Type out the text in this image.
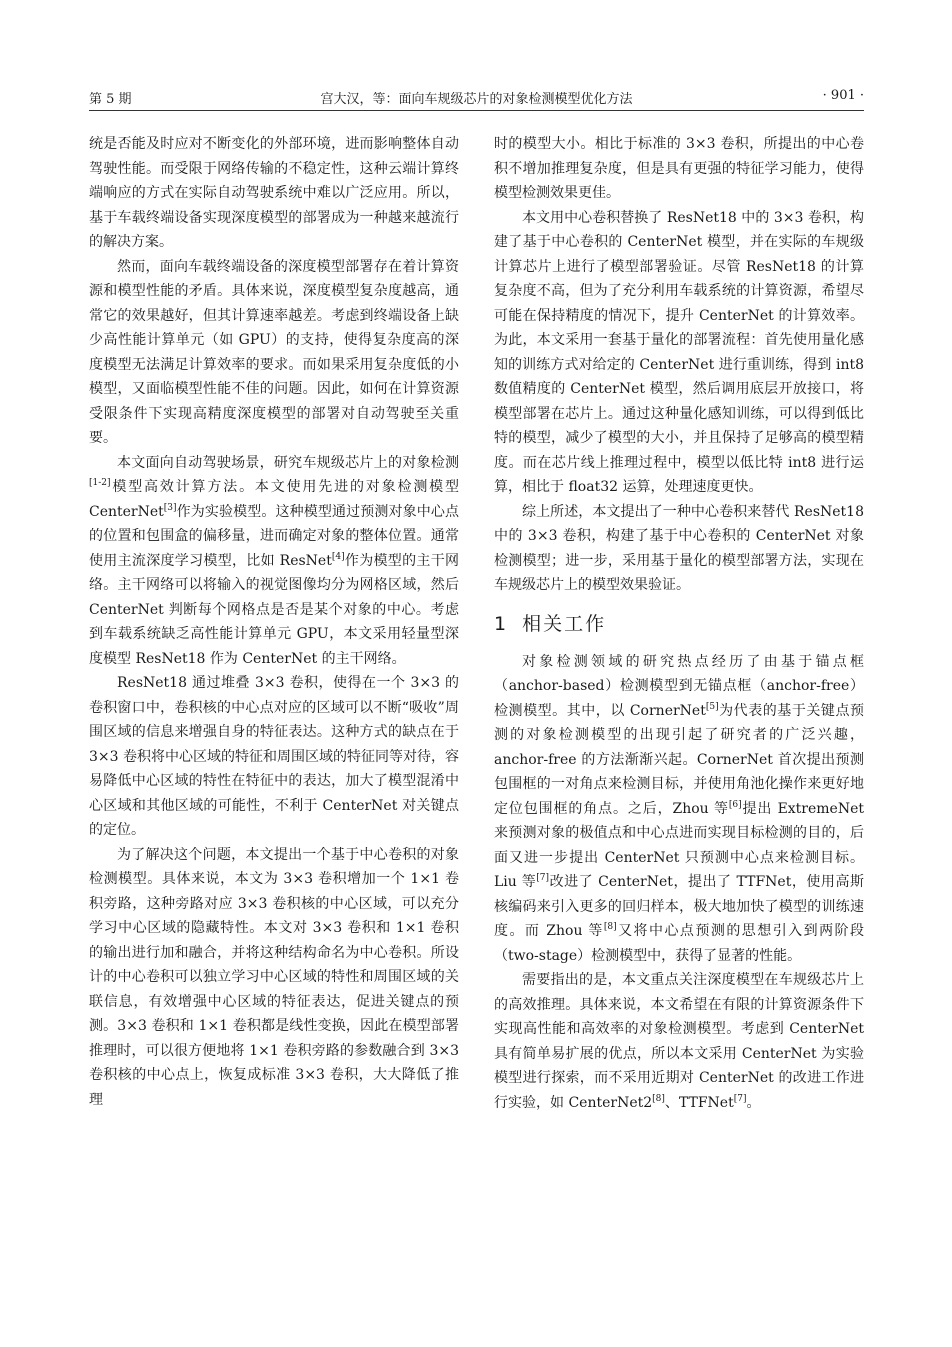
第 5 期	宫大汉，等：面向车规级芯片的对象检测模型优化方法	· 901 ·

统是否能及时应对不断变化的外部环境，进而影响整体自动驾驶性能。而受限于网络传输的不稳定性，这种云端计算终端响应的方式在实际自动驾驶系统中难以广泛应用。所以，基于车载终端设备实现深度模型的部署成为一种越来越流行的解决方案。

然而，面向车载终端设备的深度模型部署存在着计算资源和模型性能的矛盾。具体来说，深度模型复杂度越高，通常它的效果越好，但其计算速率越差。考虑到终端设备上缺少高性能计算单元（如 GPU）的支持，使得复杂度高的深度模型无法满足计算效率的要求。而如果采用复杂度低的小模型，又面临模型性能不佳的问题。因此，如何在计算资源受限条件下实现高精度深度模型的部署对自动驾驶至关重要。

本文面向自动驾驶场景，研究车规级芯片上的对象检测[1-2]模型高效计算方法。本文使用先进的对象检测模型 CenterNet[3]作为实验模型。这种模型通过预测对象中心点的位置和包围盒的偏移量，进而确定对象的整体位置。通常使用主流深度学习模型，比如 ResNet[4]作为模型的主干网络。主干网络可以将输入的视觉图像均分为网格区域，然后 CenterNet 判断每个网格点是否是某个对象的中心。考虑到车载系统缺乏高性能计算单元 GPU，本文采用轻量型深度模型 ResNet18 作为 CenterNet 的主干网络。

ResNet18 通过堆叠 3×3 卷积，使得在一个 3×3 的卷积窗口中，卷积核的中心点对应的区域可以不断“吸收”周围区域的信息来增强自身的特征表达。这种方式的缺点在于 3×3 卷积将中心区域的特征和周围区域的特征同等对待，容易降低中心区域的特性在特征中的表达，加大了模型混淆中心区域和其他区域的可能性，不利于 CenterNet 对关键点的定位。

为了解决这个问题，本文提出一个基于中心卷积的对象检测模型。具体来说，本文为 3×3 卷积增加一个 1×1 卷积旁路，这种旁路对应 3×3 卷积核的中心区域，可以充分学习中心区域的隐藏特性。本文对 3×3 卷积和 1×1 卷积的输出进行加和融合，并将这种结构命名为中心卷积。所设计的中心卷积可以独立学习中心区域的特性和周围区域的关联信息，有效增强中心区域的特征表达，促进关键点的预测。3×3 卷积和 1×1 卷积都是线性变换，因此在模型部署推理时，可以很方便地将 1×1 卷积旁路的参数融合到 3×3 卷积核的中心点上，恢复成标准 3×3 卷积，大大降低了推理

时的模型大小。相比于标准的 3×3 卷积，所提出的中心卷积不增加推理复杂度，但是具有更强的特征学习能力，使得模型检测效果更佳。

本文用中心卷积替换了 ResNet18 中的 3×3 卷积，构建了基于中心卷积的 CenterNet 模型，并在实际的车规级计算芯片上进行了模型部署验证。尽管 ResNet18 的计算复杂度不高，但为了充分利用车载系统的计算资源，希望尽可能在保持精度的情况下，提升 CenterNet 的计算效率。为此，本文采用一套基于量化的部署流程：首先使用量化感知的训练方式对给定的 CenterNet 进行重训练，得到 int8 数值精度的 CenterNet 模型，然后调用底层开放接口，将模型部署在芯片上。通过这种量化感知训练，可以得到低比特的模型，减少了模型的大小，并且保持了足够高的模型精度。而在芯片线上推理过程中，模型以低比特 int8 进行运算，相比于 float32 运算，处理速度更快。

综上所述，本文提出了一种中心卷积来替代 ResNet18 中的 3×3 卷积，构建了基于中心卷积的 CenterNet 对象检测模型；进一步，采用基于量化的模型部署方法，实现在车规级芯片上的模型效果验证。

1 相关工作

对象检测领域的研究热点经历了由基于锚点框（anchor-based）检测模型到无锚点框（anchor-free）检测模型。其中，以 CornerNet[5]为代表的基于关键点预测的对象检测模型的出现引起了研究者的广泛兴趣，anchor-free 的方法渐渐兴起。CornerNet 首次提出预测包围框的一对角点来检测目标，并使用角池化操作来更好地定位包围框的角点。之后，Zhou 等[6]提出 ExtremeNet 来预测对象的极值点和中心点进而实现目标检测的目的，后面又进一步提出 CenterNet 只预测中心点来检测目标。Liu 等[7]改进了 CenterNet，提出了 TTFNet，使用高斯核编码来引入更多的回归样本，极大地加快了模型的训练速度。而 Zhou 等[8]又将中心点预测的思想引入到两阶段（two-stage）检测模型中，获得了显著的性能。

需要指出的是，本文重点关注深度模型在车规级芯片上的高效推理。具体来说，本文希望在有限的计算资源条件下实现高性能和高效率的对象检测模型。考虑到 CenterNet 具有简单易扩展的优点，所以本文采用 CenterNet 为实验模型进行探索，而不采用近期对 CenterNet 的改进工作进行实验，如 CenterNet2[8]、TTFNet[7]。
